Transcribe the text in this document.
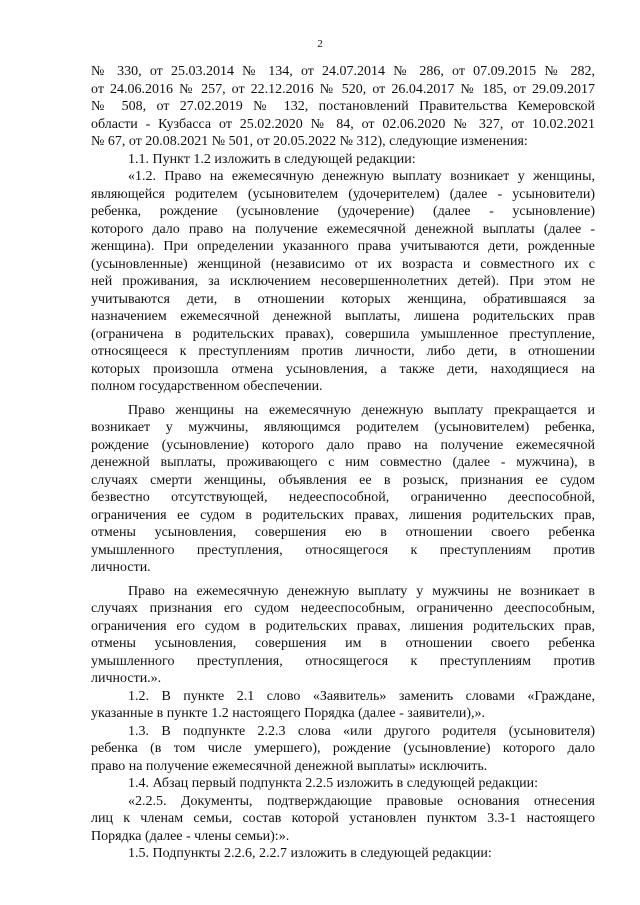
2
№ 330, от 25.03.2014 № 134, от 24.07.2014 № 286, от 07.09.2015 № 282,
от 24.06.2016 № 257, от 22.12.2016 № 520, от 26.04.2017 № 185, от 29.09.2017
№ 508, от 27.02.2019 № 132, постановлений Правительства Кемеровской
области - Кузбасса от 25.02.2020 № 84, от 02.06.2020 № 327, от 10.02.2021
№ 67, от 20.08.2021 № 501, от 20.05.2022 № 312), следующие изменения:
1.1. Пункт 1.2 изложить в следующей редакции:
«1.2. Право на ежемесячную денежную выплату возникает у женщины,
являющейся родителем (усыновителем (удочерителем) (далее - усыновители)
ребенка, рождение (усыновление (удочерение) (далее - усыновление)
которого дало право на получение ежемесячной денежной выплаты (далее -
женщина). При определении указанного права учитываются дети, рожденные
(усыновленные) женщиной (независимо от их возраста и совместного их с
ней проживания, за исключением несовершеннолетних детей). При этом не
учитываются дети, в отношении которых женщина, обратившаяся за
назначением ежемесячной денежной выплаты, лишена родительских прав
(ограничена в родительских правах), совершила умышленное преступление,
относящееся к преступлениям против личности, либо дети, в отношении
которых произошла отмена усыновления, а также дети, находящиеся на
полном государственном обеспечении.
Право женщины на ежемесячную денежную выплату прекращается и
возникает у мужчины, являющимся родителем (усыновителем) ребенка,
рождение (усыновление) которого дало право на получение ежемесячной
денежной выплаты, проживающего с ним совместно (далее - мужчина), в
случаях смерти женщины, объявления ее в розыск, признания ее судом
безвестно отсутствующей, недееспособной, ограниченно дееспособной,
ограничения ее судом в родительских правах, лишения родительских прав,
отмены усыновления, совершения ею в отношении своего ребенка
умышленного преступления, относящегося к преступлениям против
личности.
Право на ежемесячную денежную выплату у мужчины не возникает в
случаях признания его судом недееспособным, ограниченно дееспособным,
ограничения его судом в родительских правах, лишения родительских прав,
отмены усыновления, совершения им в отношении своего ребенка
умышленного преступления, относящегося к преступлениям против
личности.».
1.2. В пункте 2.1 слово «Заявитель» заменить словами «Граждане,
указанные в пункте 1.2 настоящего Порядка (далее - заявители),».
1.3. В подпункте 2.2.3 слова «или другого родителя (усыновителя)
ребенка (в том числе умершего), рождение (усыновление) которого дало
право на получение ежемесячной денежной выплаты» исключить.
1.4. Абзац первый подпункта 2.2.5 изложить в следующей редакции:
«2.2.5. Документы, подтверждающие правовые основания отнесения
лиц к членам семьи, состав которой установлен пунктом 3.3-1 настоящего
Порядка (далее - члены семьи):».
1.5. Подпункты 2.2.6, 2.2.7 изложить в следующей редакции:
